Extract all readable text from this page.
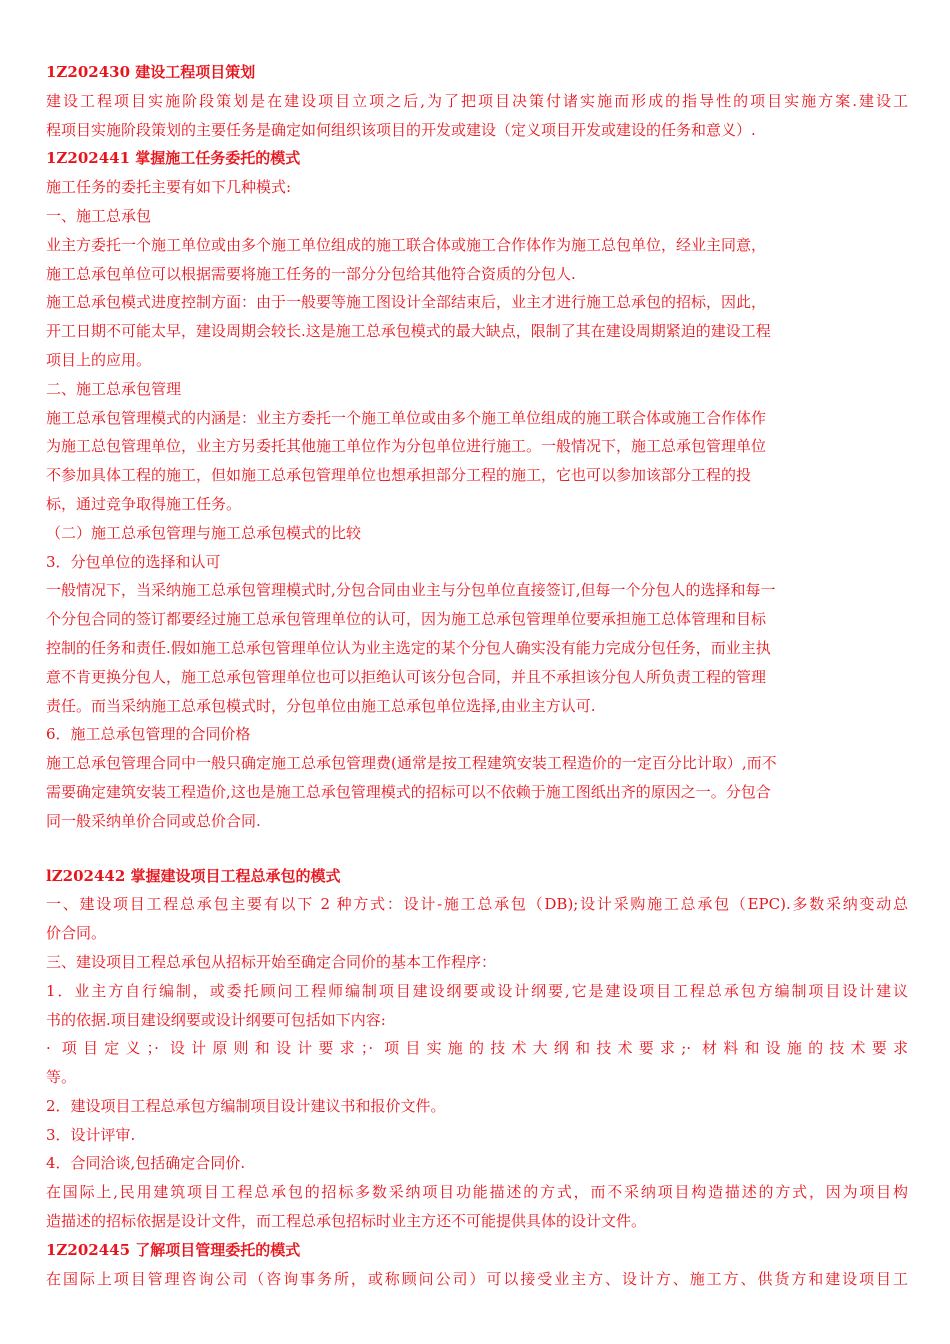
1Z202430 建设工程项目策划
建设工程项目实施阶段策划是在建设项目立项之后,为了把项目决策付诸实施而形成的指导性的项目实施方案.建设工
程项目实施阶段策划的主要任务是确定如何组织该项目的开发或建设（定义项目开发或建设的任务和意义）.
1Z202441 掌握施工任务委托的模式
施工任务的委托主要有如下几种模式:
一、施工总承包
业主方委托一个施工单位或由多个施工单位组成的施工联合体或施工合作体作为施工总包单位，经业主同意，
施工总承包单位可以根据需要将施工任务的一部分分包给其他符合资质的分包人.
施工总承包模式进度控制方面：由于一般要等施工图设计全部结束后，业主才进行施工总承包的招标，因此，
开工日期不可能太早，建设周期会较长.这是施工总承包模式的最大缺点，限制了其在建设周期紧迫的建设工程
项目上的应用。
二、施工总承包管理
施工总承包管理模式的内涵是：业主方委托一个施工单位或由多个施工单位组成的施工联合体或施工合作体作
为施工总包管理单位，业主方另委托其他施工单位作为分包单位进行施工。一般情况下，施工总承包管理单位
不参加具体工程的施工，但如施工总承包管理单位也想承担部分工程的施工，它也可以参加该部分工程的投
标，通过竞争取得施工任务。
（二）施工总承包管理与施工总承包模式的比较
3．分包单位的选择和认可
一般情况下，当采纳施工总承包管理模式时,分包合同由业主与分包单位直接签订,但每一个分包人的选择和每一
个分包合同的签订都要经过施工总承包管理单位的认可，因为施工总承包管理单位要承担施工总体管理和目标
控制的任务和责任.假如施工总承包管理单位认为业主选定的某个分包人确实没有能力完成分包任务，而业主执
意不肯更换分包人，施工总承包管理单位也可以拒绝认可该分包合同，并且不承担该分包人所负责工程的管理
责任。而当采纳施工总承包模式时，分包单位由施工总承包单位选择,由业主方认可.
6．施工总承包管理的合同价格
施工总承包管理合同中一般只确定施工总承包管理费(通常是按工程建筑安装工程造价的一定百分比计取）,而不
需要确定建筑安装工程造价,这也是施工总承包管理模式的招标可以不依赖于施工图纸出齐的原因之一。分包合
同一般采纳单价合同或总价合同.
lZ202442 掌握建设项目工程总承包的模式
一、建设项目工程总承包主要有以下 2 种方式：设计-施工总承包（DB);设计采购施工总承包（EPC).多数采纳变动总
价合同。
三、建设项目工程总承包从招标开始至确定合同价的基本工作程序：
1．业主方自行编制，或委托顾问工程师编制项目建设纲要或设计纲要,它是建设项目工程总承包方编制项目设计建议
书的依据.项目建设纲要或设计纲要可包括如下内容:
· 项目定义；· 设计原则和设计要求；· 项目实施的技术大纲和技术要求;· 材料和设施的技术要求
等。
2．建设项目工程总承包方编制项目设计建议书和报价文件。
3．设计评审.
4．合同洽谈,包括确定合同价.
在国际上,民用建筑项目工程总承包的招标多数采纳项目功能描述的方式，而不采纳项目构造描述的方式，因为项目构
造描述的招标依据是设计文件，而工程总承包招标时业主方还不可能提供具体的设计文件。
1Z202445 了解项目管理委托的模式
在国际上项目管理咨询公司（咨询事务所，或称顾问公司）可以接受业主方、设计方、施工方、供货方和建设项目工
